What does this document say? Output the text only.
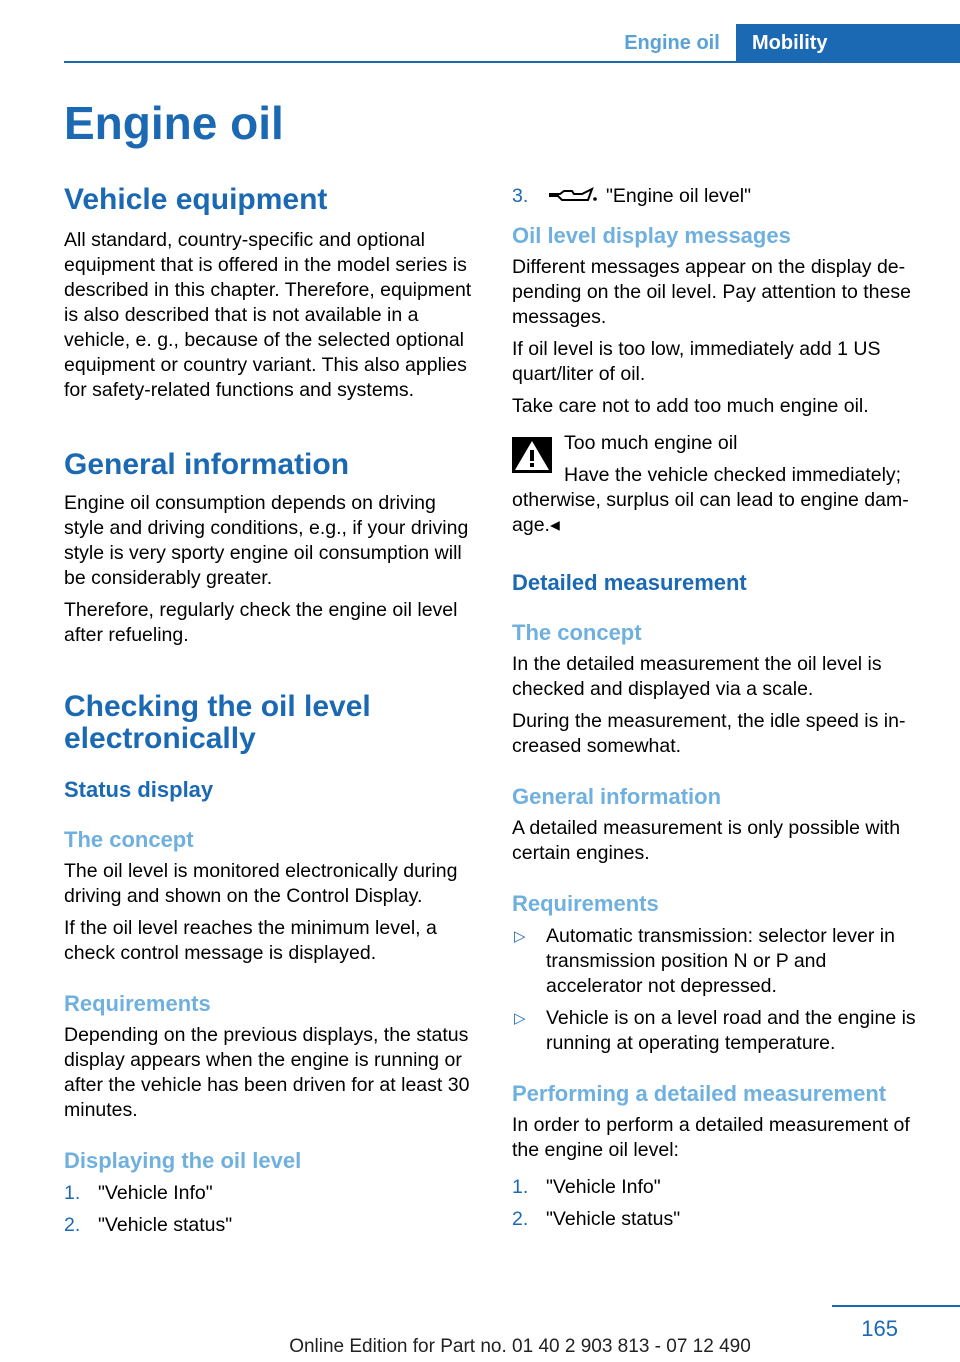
Engine oil	Mobility
Engine oil
Vehicle equipment

All standard, country-specific and optional equipment that is offered in the model series is described in this chapter. Therefore, equipment is also described that is not available in a vehicle, e. g., because of the selected optional equipment or country variant. This also applies for safety-related functions and systems.

General information

Engine oil consumption depends on driving style and driving conditions, e.g., if your driving style is very sporty engine oil consumption will be considerably greater.

Therefore, regularly check the engine oil level after refueling.

Checking the oil level electronically
Status display
The concept

The oil level is monitored electronically during driving and shown on the Control Display.

If the oil level reaches the minimum level, a check control message is displayed.

Requirements

Depending on the previous displays, the status display appears when the engine is running or after the vehicle has been driven for at least 30 minutes.

Displaying the oil level
1. "Vehicle Info"
2. "Vehicle status"
3.	"Engine oil level"
Oil level display messages

Different messages appear on the display depending on the oil level. Pay attention to these messages.

If oil level is too low, immediately add 1 US quart/liter of oil.

Take care not to add too much engine oil.

Too much engine oil

Have the vehicle checked immediately;

otherwise, surplus oil can lead to engine damage.◂

Detailed measurement
The concept

In the detailed measurement the oil level is checked and displayed via a scale.

During the measurement, the idle speed is increased somewhat.

General information

A detailed measurement is only possible with certain engines.

Requirements
▷ Automatic transmission: selector lever in transmission position N or P and accelerator not depressed.
▷ Vehicle is on a level road and the engine is running at operating temperature.
Performing a detailed measurement

In order to perform a detailed measurement of the engine oil level:

1. "Vehicle Info"
2. "Vehicle status"
165
Online Edition for Part no. 01 40 2 903 813 - 07 12 490
